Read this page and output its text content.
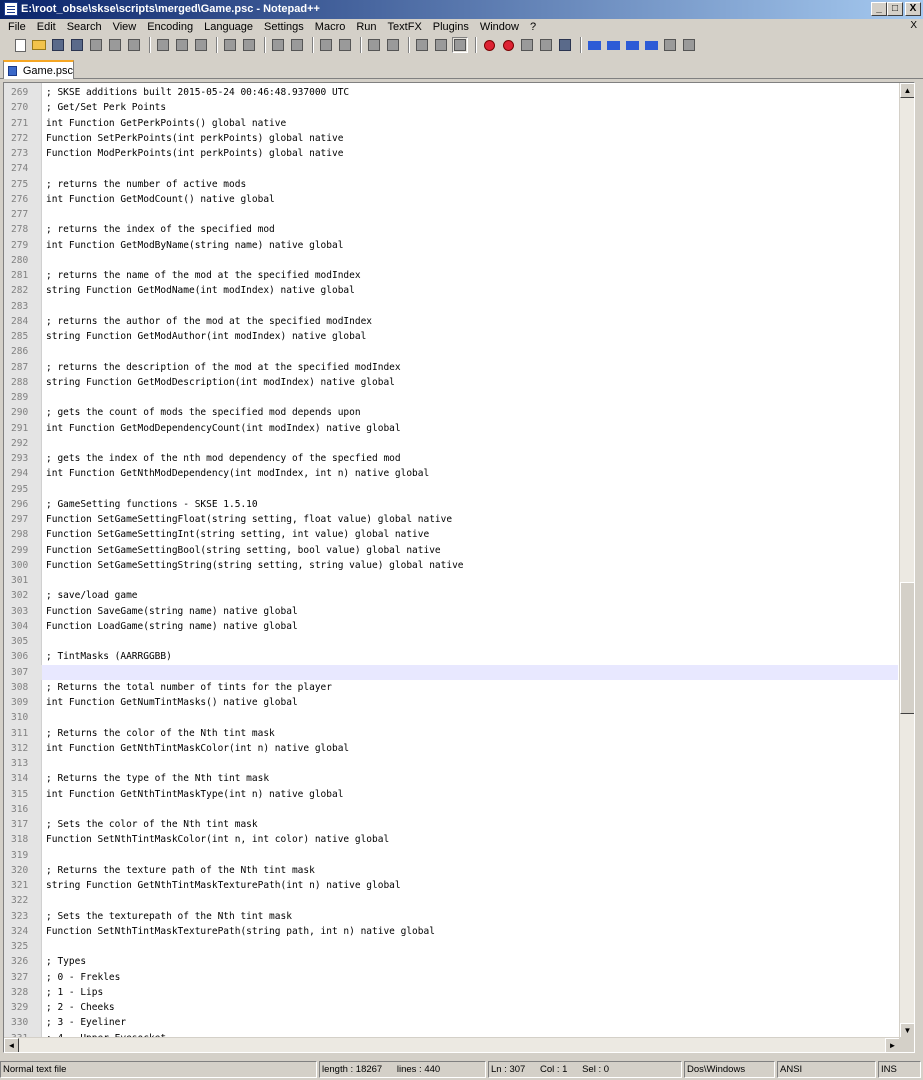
E:\root_obse\skse\scripts\merged\Game.psc - Notepad++	_	□	X
File	Edit	Search	View	Encoding	Language	Settings	Macro	Run	TextFX	Plugins	Window	?	X
Game.psc
269	; SKSE additions built 2015-05-24 00:46:48.937000 UTC
270	; Get/Set Perk Points
271	int Function GetPerkPoints() global native
272	Function SetPerkPoints(int perkPoints) global native
273	Function ModPerkPoints(int perkPoints) global native
274
275	; returns the number of active mods
276	int Function GetModCount() native global
277
278	; returns the index of the specified mod
279	int Function GetModByName(string name) native global
280
281	; returns the name of the mod at the specified modIndex
282	string Function GetModName(int modIndex) native global
283
284	; returns the author of the mod at the specified modIndex
285	string Function GetModAuthor(int modIndex) native global
286
287	; returns the description of the mod at the specified modIndex
288	string Function GetModDescription(int modIndex) native global
289
290	; gets the count of mods the specified mod depends upon
291	int Function GetModDependencyCount(int modIndex) native global
292
293	; gets the index of the nth mod dependency of the specfied mod
294	int Function GetNthModDependency(int modIndex, int n) native global
295
296	; GameSetting functions - SKSE 1.5.10
297	Function SetGameSettingFloat(string setting, float value) global native
298	Function SetGameSettingInt(string setting, int value) global native
299	Function SetGameSettingBool(string setting, bool value) global native
300	Function SetGameSettingString(string setting, string value) global native
301
302	; save/load game
303	Function SaveGame(string name) native global
304	Function LoadGame(string name) native global
305
306	; TintMasks (AARRGGBB)
307
308	; Returns the total number of tints for the player
309	int Function GetNumTintMasks() native global
310
311	; Returns the color of the Nth tint mask
312	int Function GetNthTintMaskColor(int n) native global
313
314	; Returns the type of the Nth tint mask
315	int Function GetNthTintMaskType(int n) native global
316
317	; Sets the color of the Nth tint mask
318	Function SetNthTintMaskColor(int n, int color) native global
319
320	; Returns the texture path of the Nth tint mask
321	string Function GetNthTintMaskTexturePath(int n) native global
322
323	; Sets the texturepath of the Nth tint mask
324	Function SetNthTintMaskTexturePath(string path, int n) native global
325
326	; Types
327	; 0 - Frekles
328	; 1 - Lips
329	; 2 - Cheeks
330	; 3 - Eyeliner
▲
▼
◄	►
Normal text file	length : 18267 lines : 440	Ln : 307 Col : 1 Sel : 0	Dos\Windows	ANSI	INS
